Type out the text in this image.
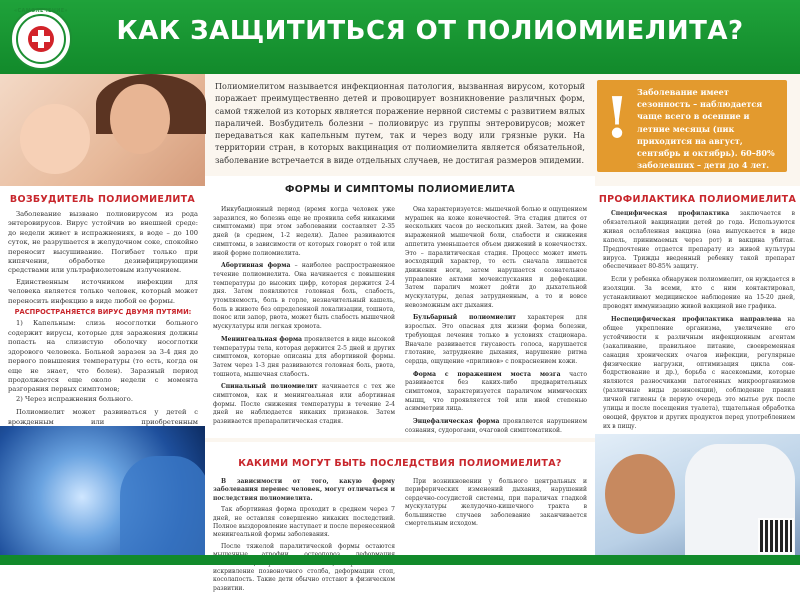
«САМОЛЕЧЕНИЕ»
КАК ЗАЩИТИТЬСЯ ОТ ПОЛИОМИЕЛИТА?
Полиомиелитом называется инфекционная патология, вызванная вирусом, который поражает преимущественно детей и провоцирует возникновение различных форм, самой тяжелой из которых является поражение нервной системы с развитием вялых параличей. Возбудитель болезни – полиовирус из группы энтеровирусов; может передаваться как капельным путем, так и через воду или грязные руки. На территории стран, в которых вакцинация от полиомиелита является обязательной, заболевание встречается в виде отдельных случаев, не достигая размеров эпидемии.
! Заболевание имеет сезонность – наблюдается чаще всего в осенние и летние месяцы (пик приходится на август, сентябрь и октябрь). 60–80% заболевших – дети до 4 лет.
ВОЗБУДИТЕЛЬ ПОЛИОМИЕЛИТА
Заболевание вызвано полиовирусом из рода энтеровирусов. Вирус устойчив во внешней среде: до недели живет в испражнениях, в воде – до 100 суток, не разрушается в желудочном соке, спокойно переносит высушивание. Погибает только при кипячении, обработке дезинфицирующими средствами или ультрафиолетовым излучением.
Единственным источником инфекции для человека является только человек, который может переносить инфекцию в виде любой ее формы.
РАСПРОСТРАНЯЕТСЯ ВИРУС ДВУМЯ ПУТЯМИ:
1) Капельным: слизь носоглотки больного содержит вирусы, которые для заражения должны попасть на слизистую оболочку носоглотки здорового человека. Больной заразен за 3-4 дня до первого повышения температуры (то есть, когда он еще не знает, что болен). Заразный период продолжается еще около недели с момента разгорания первых симптомов;
2) Через испражнения больного.
Полиомиелит может развиваться у детей с врожденным или приобретенным
ФОРМЫ И СИМПТОМЫ ПОЛИОМИЕЛИТА

Инкубационный период (время когда человек уже заразился, но болезнь еще не проявила себя никакими симптомами) при этом заболевании составляет 2-35 дней (в среднем, 1-2 недели). Далее развиваются симптомы, в зависимости от которых говорят о той или иной форме полиомиелита.

Абортивная форма – наиболее распространенное течение полиомиелита. Она начинается с повышения температуры до высоких цифр, которая держится 2-4 дня. Затем появляются головная боль, слабость, утомляемость, боль в горле, незначительный кашель, боль в животе без определенной локализации, тошнота, понос или запор, рвота, может быть слабость мышечной мускулатуры или легкая хромота.

Менингеальная форма проявляется в виде высокой температуры тела, которая держится 2-5 дней и других симптомов, которые описаны для абортивной формы. Затем через 1-3 дня развиваются головная боль, рвота, тошнота, мышечная слабость.

Спинальный полиомиелит начинается с тех же симптомов, как и менингеальная или абортивная формы. После снижения температуры в течение 2-4 дней не наблюдается никаких признаков. Затем развивается препаралитическая стадия.

Она характеризуется: мышечной болью и ощущением мурашек на коже конечностей. Эта стадия длится от нескольких часов до нескольких дней. Затем, на фоне выраженной мышечной боли, слабости и снижения аппетита уменьшается объем движений в конечностях. Это – паралитическая стадия. Процесс может иметь восходящий характер, то есть сначала лишается движения ноги, затем нарушается сознательное управление актами мочеиспускания и дефекации. Затем паралич может дойти до дыхательной мускулатуры, делая затрудненным, а то и вовсе невозможным акт дыхания.

Бульбарный полиомиелит характерен для взрослых. Это опасная для жизни форма болезни, требующая лечения только в условиях стационара. Вначале развивается гнусавость голоса, нарушается глотание, затруднение дыхания, нарушение ритма сердца, ощущение «приливов» с покраснением кожи.

Форма с поражением моста мозга часто развивается без каких-либо предварительных симптомов, характеризуется параличом мимических мышц, что проявляется той или иной степенью асимметрии лица.

Энцефалическая форма проявляется нарушением сознания, судорогами, очаговой симптоматикой.

КАКИМИ МОГУТ БЫТЬ ПОСЛЕДСТВИЯ ПОЛИОМИЕЛИТА?

В зависимости от того, какую форму заболевания перенес человек, могут отличаться и последствия полиомиелита.

Так абортивная форма проходит в среднем через 7 дней, не оставляя совершенно никаких последствий. Полное выздоровление наступает и после перенесенной менингеальной формы заболевания.

После тяжелой паралитической формы остаются искривление позвоночного столба, деформации стоп, косолапость. Такие дети обычно отстают в физическом развитии.

При возникновении у больного центральных и периферических изменений дыхания, нарушений сердечно-сосудистой системы, при параличах гладкой мускулатуры желудочно-кишечного тракта в большинстве случаев заболевание заканчивается смертельным исходом.

ПРОФИЛАКТИКА ПОЛИОМИЕЛИТА

Специфическая профилактика заключается в обязательной вакцинации детей до года. Используются живая ослабленная вакцина (она выпускается в виде капель, принимаемых через рот) и вакцина убитая. Предпочтение отдается препарату из живой культуры вируса. Трижды введенный ребенку такой препарат обеспечивает 80-85% защиту.

Если у ребенка обнаружен полиомиелит, он нуждается в изоляции. За всеми, кто с ним контактировал, устанавливают медицинское наблюдение на 15-20 дней, проводят иммунизацию живой вакциной вне графика.

Неспецифическая профилактика направлена на общее укрепление организма, увеличение его устойчивости к различным инфекционным агентам (закаливание, правильное питание, своевременная санация хронических очагов инфекции, регулярные физические нагрузки, оптимизация цикла сон-бодрствование и др.), борьба с насекомыми, которые являются разносчиками патогенных микроорганизмов (различные виды дезинсекции), соблюдение правил личной гигиены (в первую очередь это мытье рук после улицы и после посещения туалета), тщательная обработка овощей, фруктов и других продуктов перед употреблением их в пищу.
